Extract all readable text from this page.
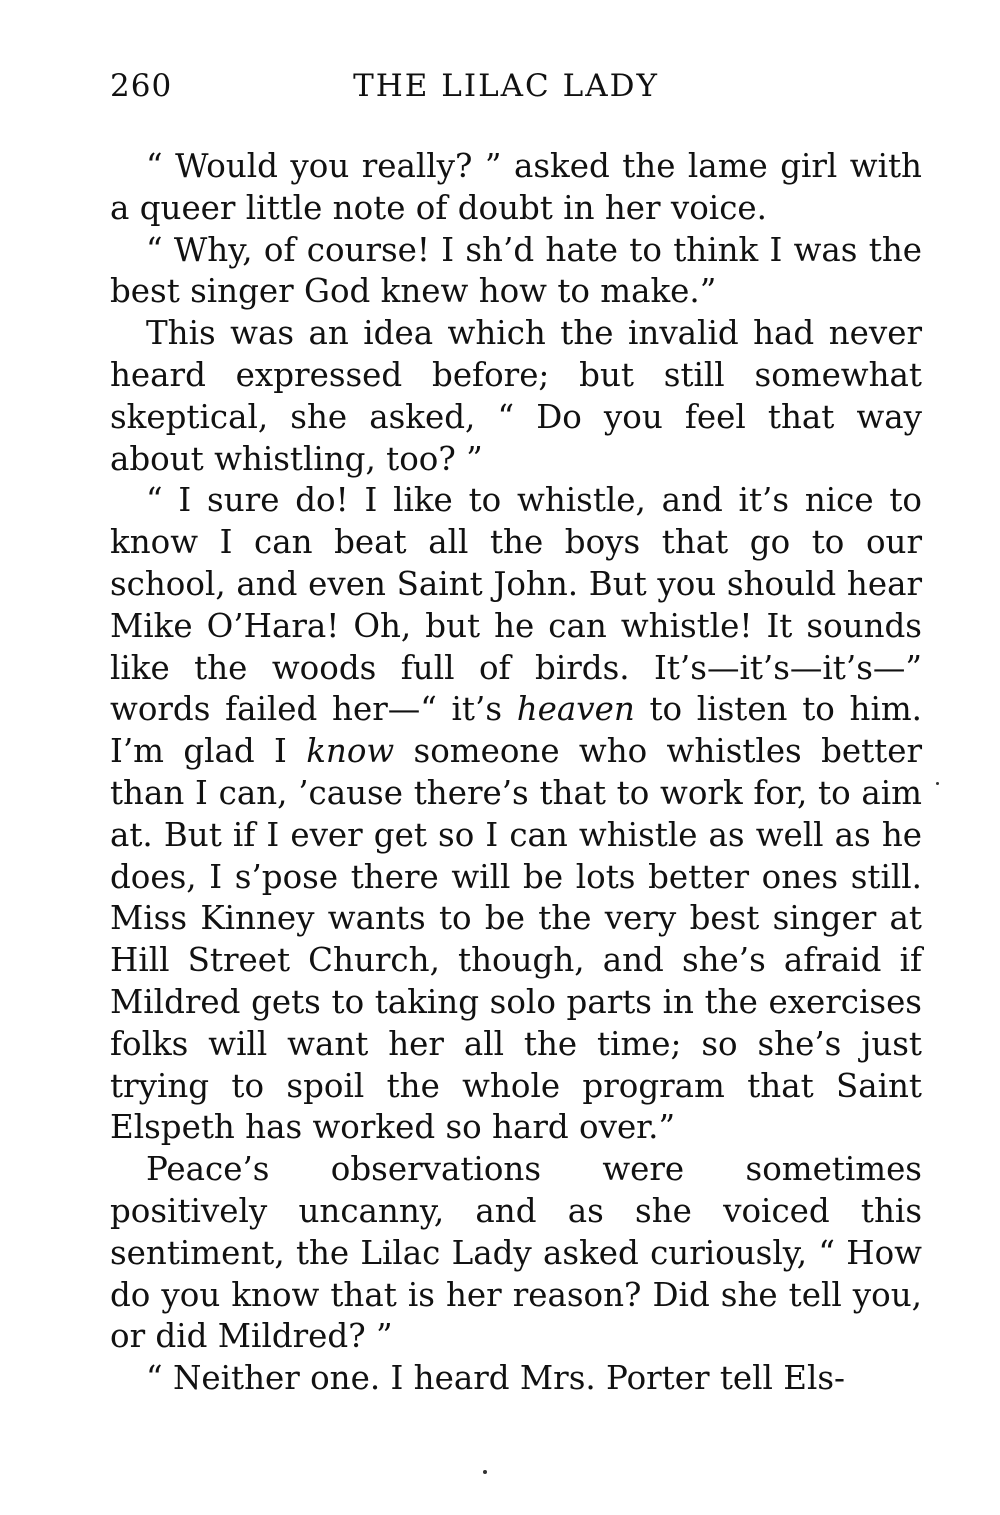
260	THE LILAC LADY

“ Would you really? ” asked the lame girl with a queer little note of doubt in her voice.

“ Why, of course! I sh’d hate to think I was the best singer God knew how to make.”

This was an idea which the invalid had never heard expressed before; but still somewhat skeptical, she asked, “ Do you feel that way about whistling, too? ”

“ I sure do! I like to whistle, and it’s nice to know I can beat all the boys that go to our school, and even Saint John. But you should hear Mike O’Hara! Oh, but he can whistle! It sounds like the woods full of birds. It’s—it’s—it’s—” words failed her—“ it’s heaven to listen to him. I’m glad I know someone who whistles better than I can, ’cause there’s that to work for, to aim at. But if I ever get so I can whistle as well as he does, I s’pose there will be lots better ones still. Miss Kinney wants to be the very best singer at Hill Street Church, though, and she’s afraid if Mildred gets to taking solo parts in the exercises folks will want her all the time; so she’s just trying to spoil the whole program that Saint Elspeth has worked so hard over.”

Peace’s observations were sometimes positively uncanny, and as she voiced this sentiment, the Lilac Lady asked curiously, “ How do you know that is her reason? Did she tell you, or did Mildred? ”

“ Neither one. I heard Mrs. Porter tell Els-
